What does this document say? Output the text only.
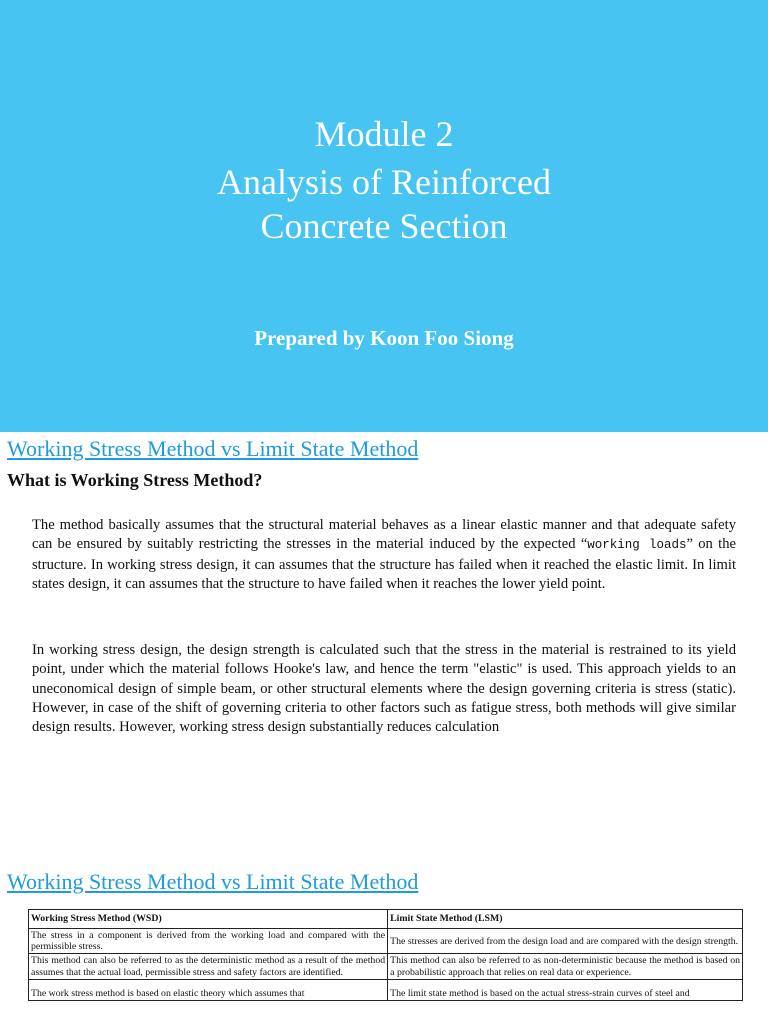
Module 2
Analysis of Reinforced
Concrete Section
Prepared by Koon Foo Siong
Working Stress Method vs Limit State Method
What is Working Stress Method?
The method basically assumes that the structural material behaves as a linear elastic manner and that adequate safety can be ensured by suitably restricting the stresses in the material induced by the expected “working loads” on the structure. In working stress design, it can assumes that the structure has failed when it reached the elastic limit. In limit states design, it can assumes that the structure to have failed when it reaches the lower yield point.
In working stress design, the design strength is calculated such that the stress in the material is restrained to its yield point, under which the material follows Hooke's law, and hence the term "elastic" is used. This approach yields to an uneconomical design of simple beam, or other structural elements where the design governing criteria is stress (static). However, in case of the shift of governing criteria to other factors such as fatigue stress, both methods will give similar design results. However, working stress design substantially reduces calculation
Working Stress Method vs Limit State Method
Working Stress Method (WSD)	Limit State Method (LSM)
The stress in a component is derived from the working load and compared with the permissible stress.	The stresses are derived from the design load and are compared with the design strength.
This method can also be referred to as the deterministic method as a result of the method assumes that the actual load, permissible stress and safety factors are identified.	This method can also be referred to as non-deterministic because the method is based on a probabilistic approach that relies on real data or experience.
The work stress method is based on elastic theory which assumes that	The limit state method is based on the actual stress-strain curves of steel and
